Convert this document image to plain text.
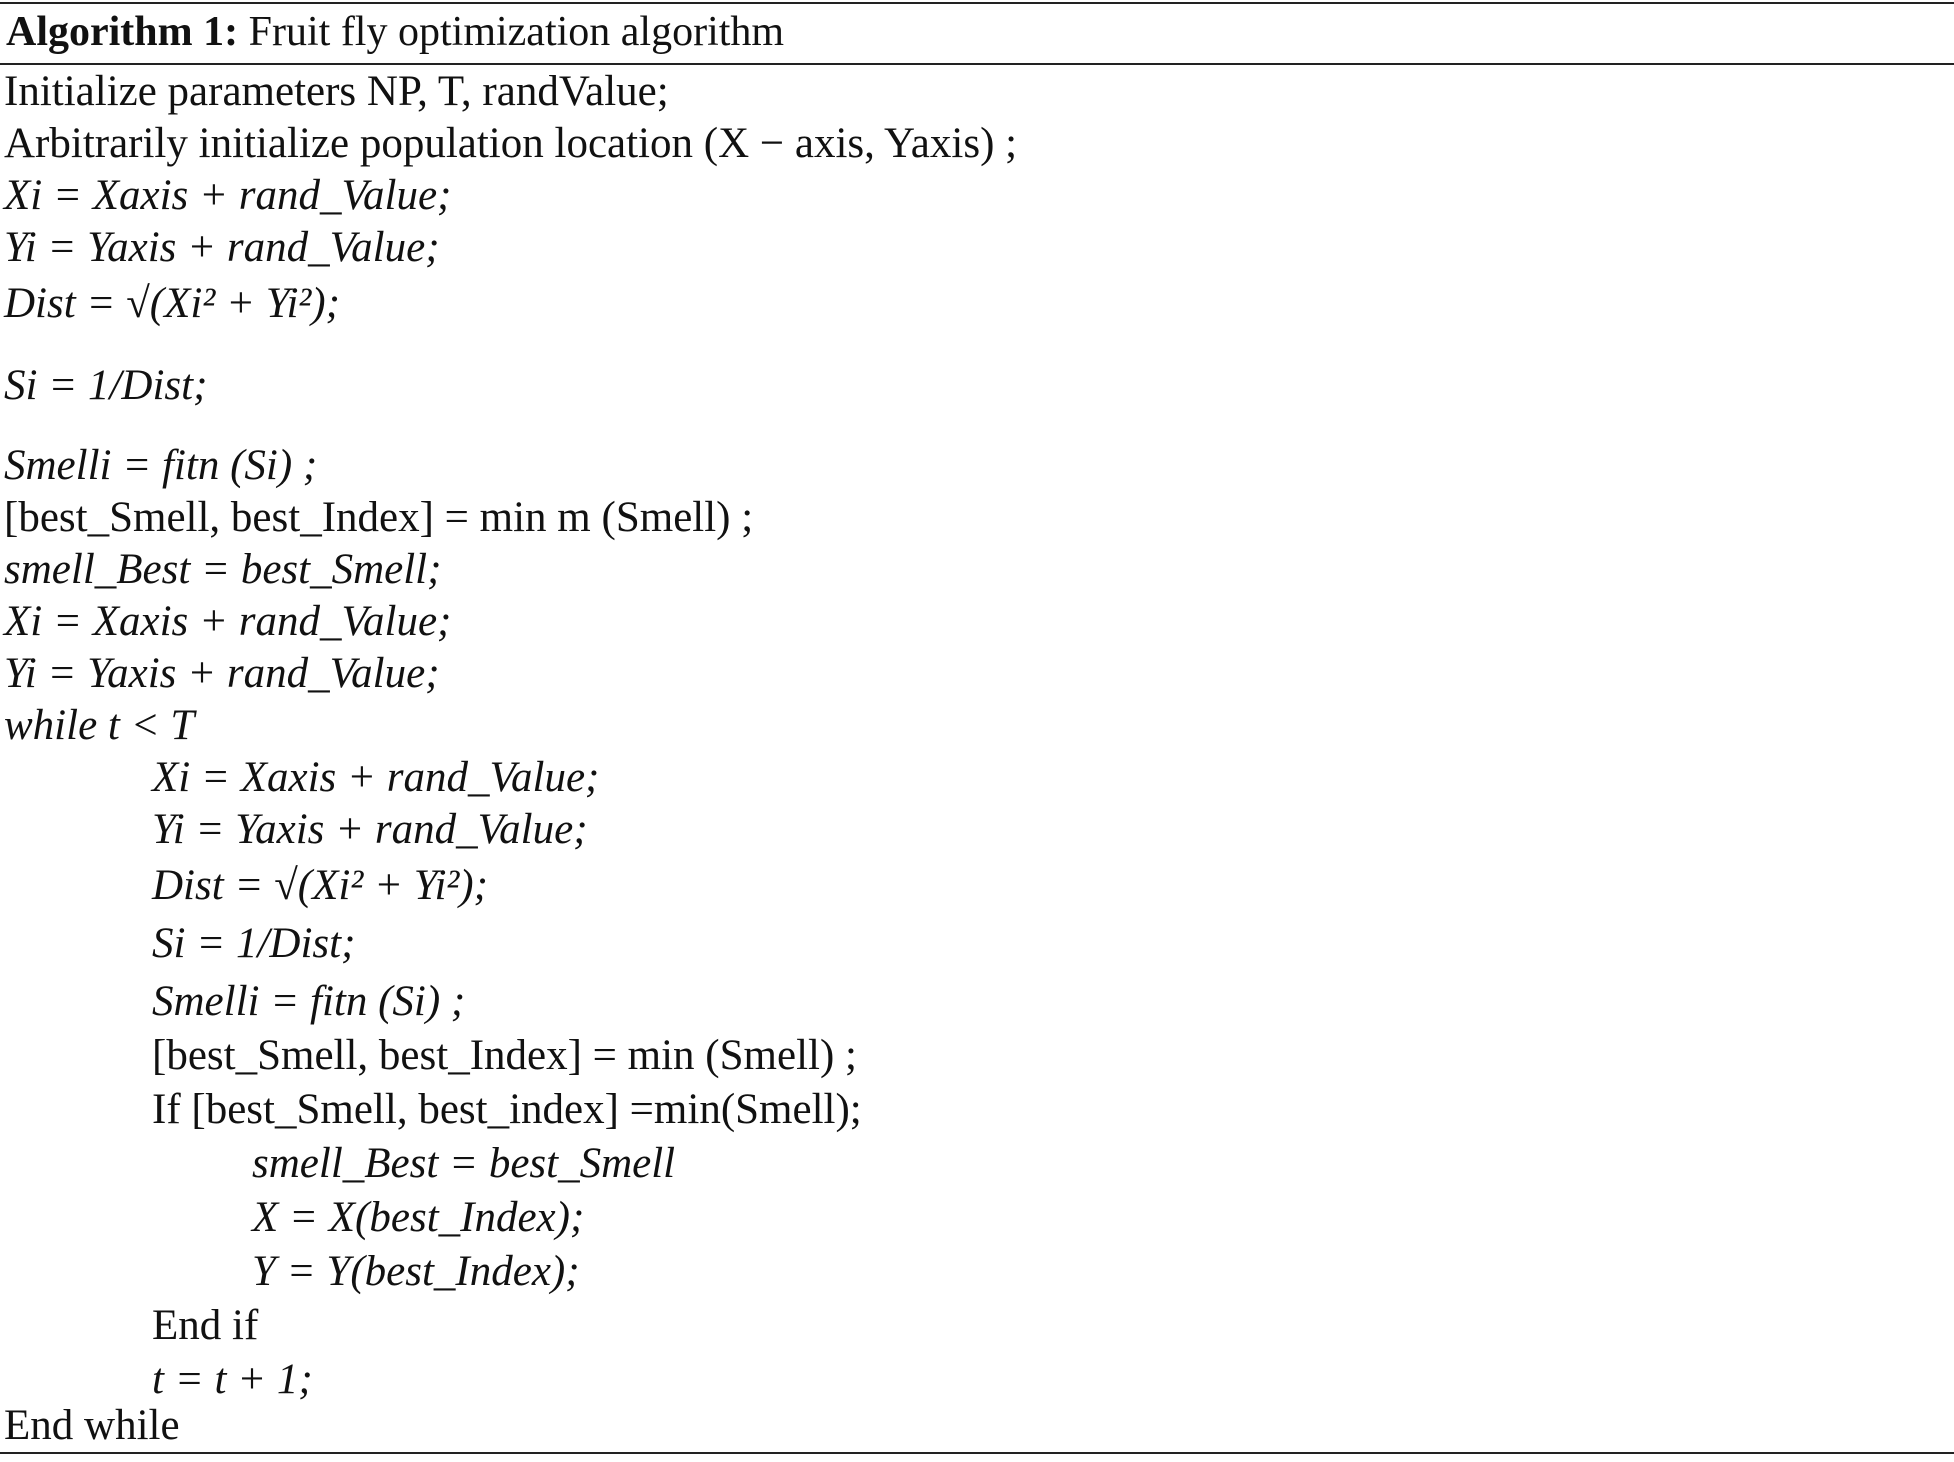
Algorithm 1: Fruit fly optimization algorithm
Initialize parameters NP, T, randValue;
Arbitrarily initialize population location (X − axis, Yaxis) ;
Xi = Xaxis + rand_Value;
Yi = Yaxis + rand_Value;
Dist = √(Xi² + Yi²);
Si = 1/Dist;
Smelli = fitn (Si) ;
[best_Smell, best_Index] = min m (Smell) ;
smell_Best = best_Smell;
Xi = Xaxis + rand_Value;
Yi = Yaxis + rand_Value;
while t < T
Xi = Xaxis + rand_Value;
Yi = Yaxis + rand_Value;
Dist = √(Xi² + Yi²);
Si = 1/Dist;
Smelli = fitn (Si) ;
[best_Smell, best_Index] = min (Smell) ;
If [best_Smell, best_index] =min(Smell);
smell_Best = best_Smell
X = X(best_Index);
Y = Y(best_Index);
End if
t = t + 1;
End while
